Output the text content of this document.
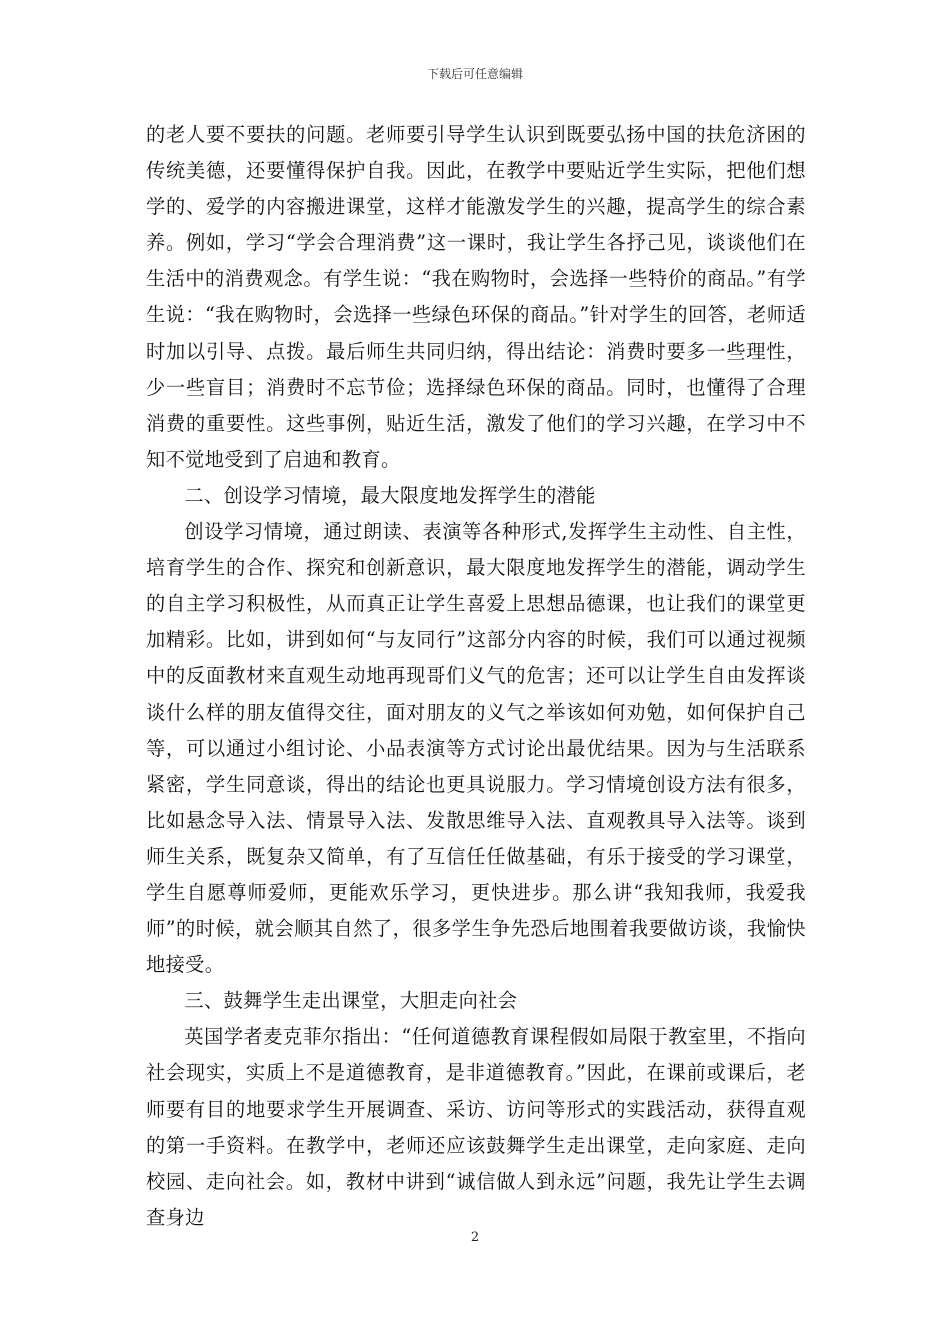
下载后可任意编辑

的老人要不要扶的问题。老师要引导学生认识到既要弘扬中国的扶危济困的传统美德，还要懂得保护自我。因此，在教学中要贴近学生实际，把他们想学的、爱学的内容搬进课堂，这样才能激发学生的兴趣，提高学生的综合素养。例如，学习“学会合理消费”这一课时，我让学生各抒己见，谈谈他们在生活中的消费观念。有学生说：“我在购物时，会选择一些特价的商品。”有学生说：“我在购物时，会选择一些绿色环保的商品。”针对学生的回答，老师适时加以引导、点拨。最后师生共同归纳，得出结论：消费时要多一些理性，少一些盲目；消费时不忘节俭；选择绿色环保的商品。同时，也懂得了合理消费的重要性。这些事例，贴近生活，激发了他们的学习兴趣，在学习中不知不觉地受到了启迪和教育。

二、创设学习情境，最大限度地发挥学生的潜能

创设学习情境，通过朗读、表演等各种形式,发挥学生主动性、自主性，培育学生的合作、探究和创新意识，最大限度地发挥学生的潜能，调动学生的自主学习积极性，从而真正让学生喜爱上思想品德课，也让我们的课堂更加精彩。比如，讲到如何“与友同行”这部分内容的时候，我们可以通过视频中的反面教材来直观生动地再现哥们义气的危害；还可以让学生自由发挥谈谈什么样的朋友值得交往，面对朋友的义气之举该如何劝勉，如何保护自己等，可以通过小组讨论、小品表演等方式讨论出最优结果。因为与生活联系紧密，学生同意谈，得出的结论也更具说服力。学习情境创设方法有很多，比如悬念导入法、情景导入法、发散思维导入法、直观教具导入法等。谈到师生关系，既复杂又简单，有了互信任任做基础，有乐于接受的学习课堂，学生自愿尊师爱师，更能欢乐学习，更快进步。那么讲“我知我师，我爱我师”的时候，就会顺其自然了，很多学生争先恐后地围着我要做访谈，我愉快地接受。

三、鼓舞学生走出课堂，大胆走向社会

英国学者麦克菲尔指出：“任何道德教育课程假如局限于教室里，不指向社会现实，实质上不是道德教育，是非道德教育。”因此，在课前或课后，老师要有目的地要求学生开展调查、采访、访问等形式的实践活动，获得直观的第一手资料。在教学中，老师还应该鼓舞学生走出课堂，走向家庭、走向校园、走向社会。如，教材中讲到“诚信做人到永远”问题，我先让学生去调查身边

2
